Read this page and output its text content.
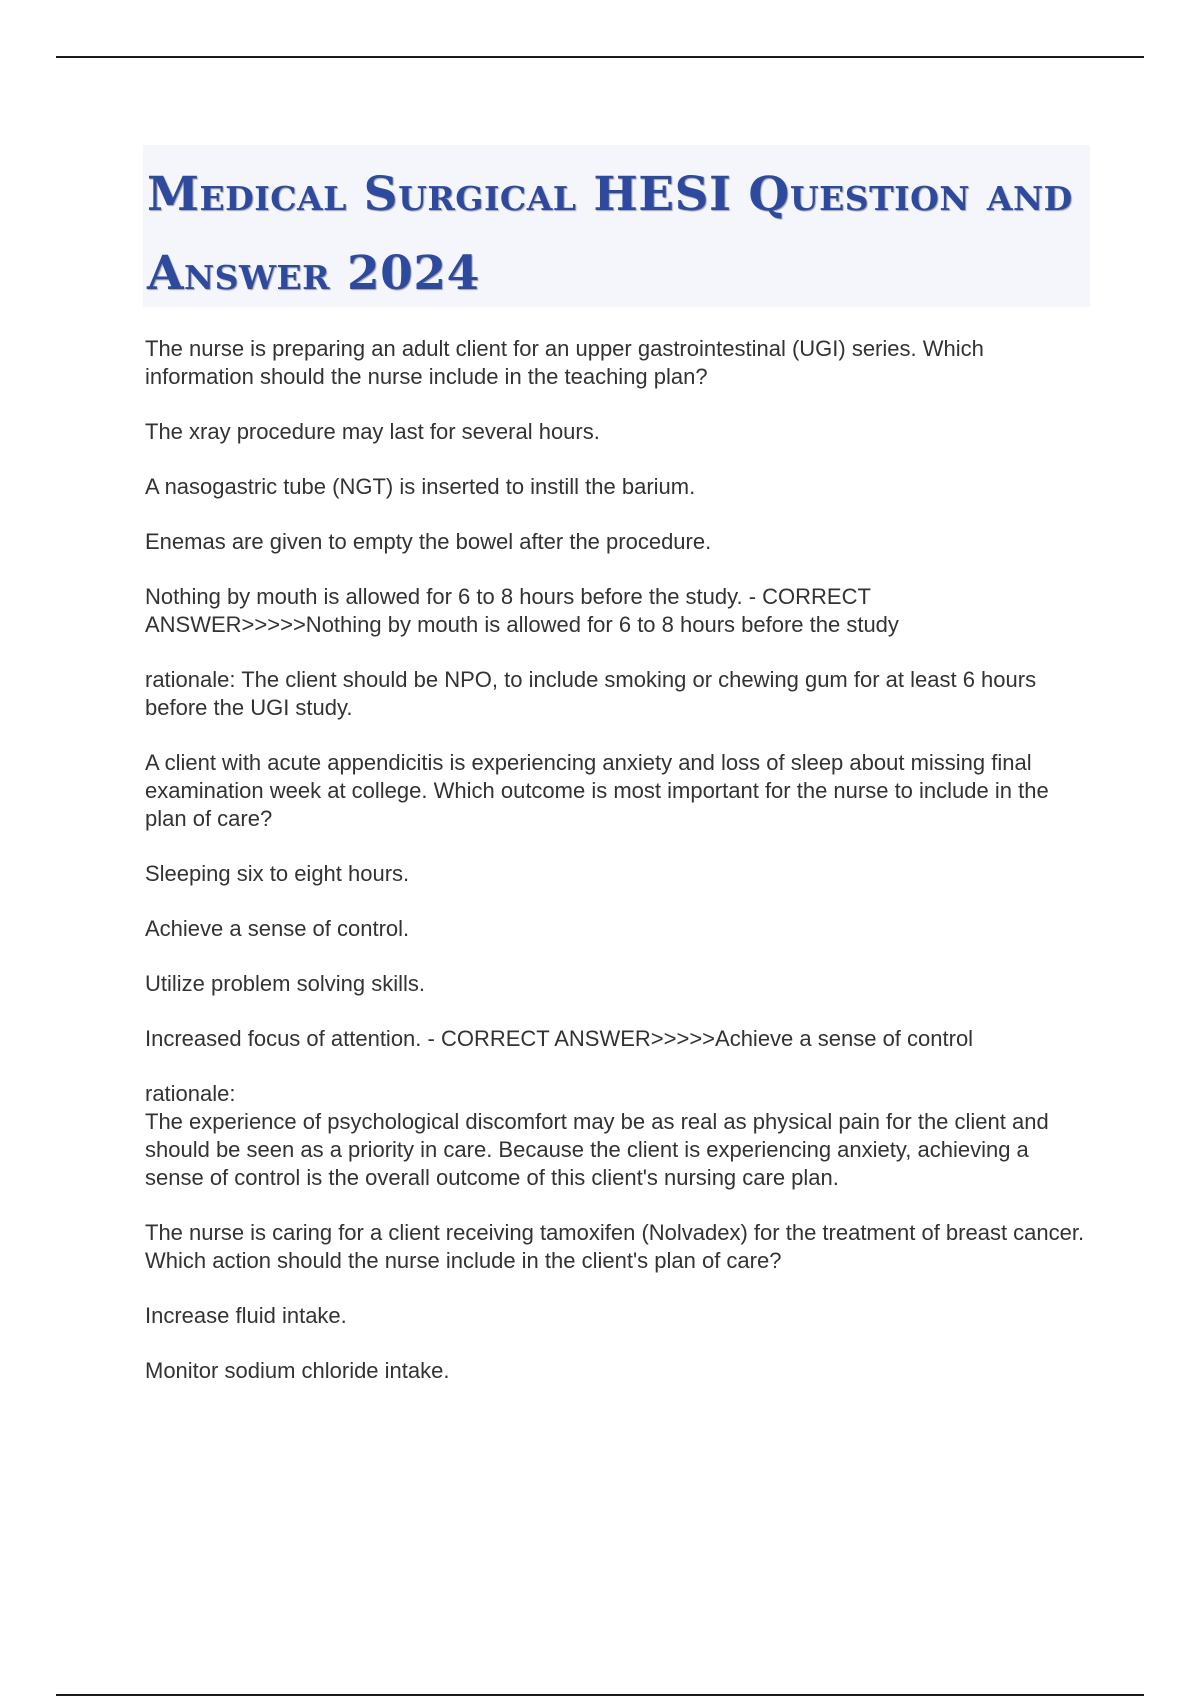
Medical Surgical HESI Question and Answer 2024

The nurse is preparing an adult client for an upper gastrointestinal (UGI) series. Which information should the nurse include in the teaching plan?

The xray procedure may last for several hours.

A nasogastric tube (NGT) is inserted to instill the barium.

Enemas are given to empty the bowel after the procedure.

Nothing by mouth is allowed for 6 to 8 hours before the study. - CORRECT ANSWER>>>>>Nothing by mouth is allowed for 6 to 8 hours before the study

rationale: The client should be NPO, to include smoking or chewing gum for at least 6 hours before the UGI study.

A client with acute appendicitis is experiencing anxiety and loss of sleep about missing final examination week at college. Which outcome is most important for the nurse to include in the plan of care?

Sleeping six to eight hours.

Achieve a sense of control.

Utilize problem solving skills.

Increased focus of attention. - CORRECT ANSWER>>>>>Achieve a sense of control

rationale:
The experience of psychological discomfort may be as real as physical pain for the client and should be seen as a priority in care. Because the client is experiencing anxiety, achieving a sense of control is the overall outcome of this client's nursing care plan.

The nurse is caring for a client receiving tamoxifen (Nolvadex) for the treatment of breast cancer. Which action should the nurse include in the client's plan of care?

Increase fluid intake.

Monitor sodium chloride intake.
